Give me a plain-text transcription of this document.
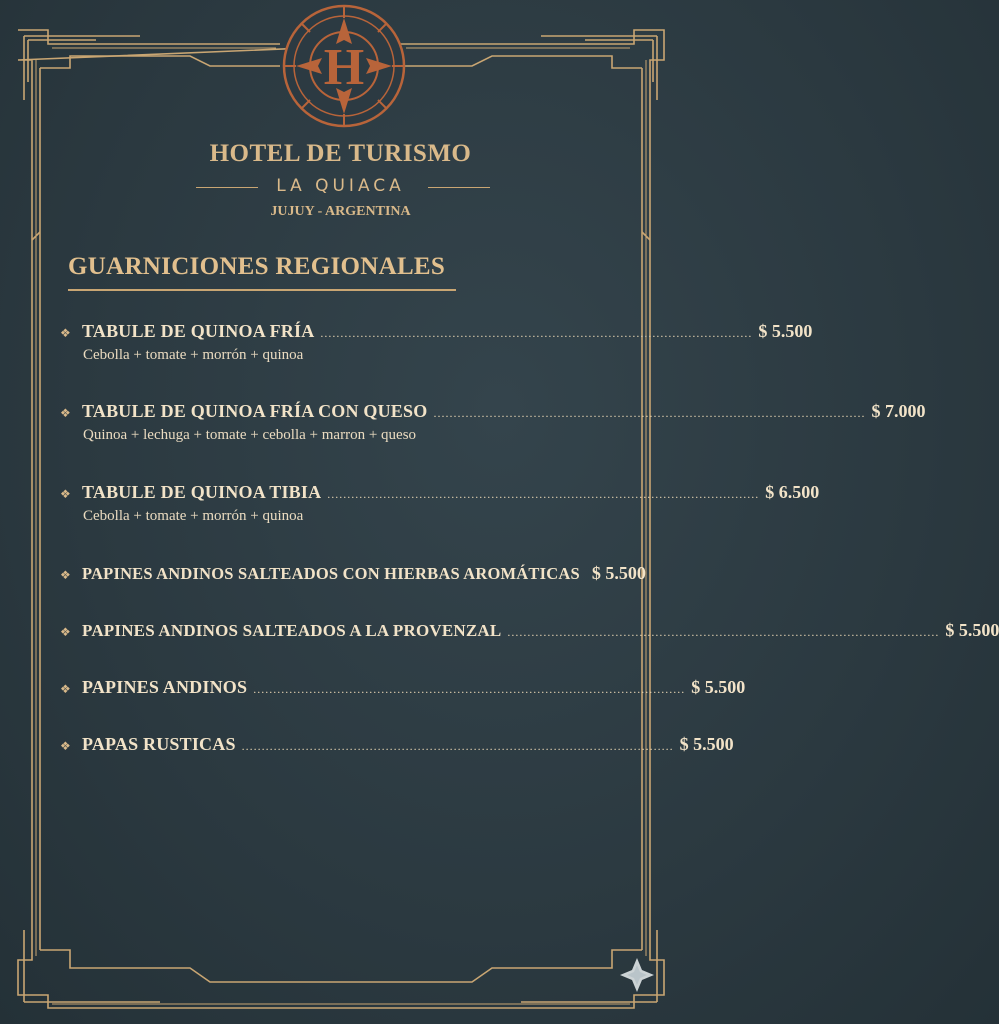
H
HOTEL DE TURISMO
LA QUIACA
JUJUY - ARGENTINA
GUARNICIONES REGIONALES
❖ TABULE DE QUINOA FRÍA ............................................................................................................ $ 5.500
Cebolla + tomate + morrón + quinoa
❖ TABULE DE QUINOA FRÍA CON QUESO ............................................................................................................ $ 7.000
Quinoa + lechuga + tomate + cebolla + marron + queso
❖ TABULE DE QUINOA TIBIA ............................................................................................................ $ 6.500
Cebolla + tomate + morrón + quinoa
❖ PAPINES ANDINOS SALTEADOS CON HIERBAS AROMÁTICAS $ 5.500
❖ PAPINES ANDINOS SALTEADOS A LA PROVENZAL ............................................................................................................ $ 5.500
❖ PAPINES ANDINOS ............................................................................................................ $ 5.500
❖ PAPAS RUSTICAS ............................................................................................................ $ 5.500
